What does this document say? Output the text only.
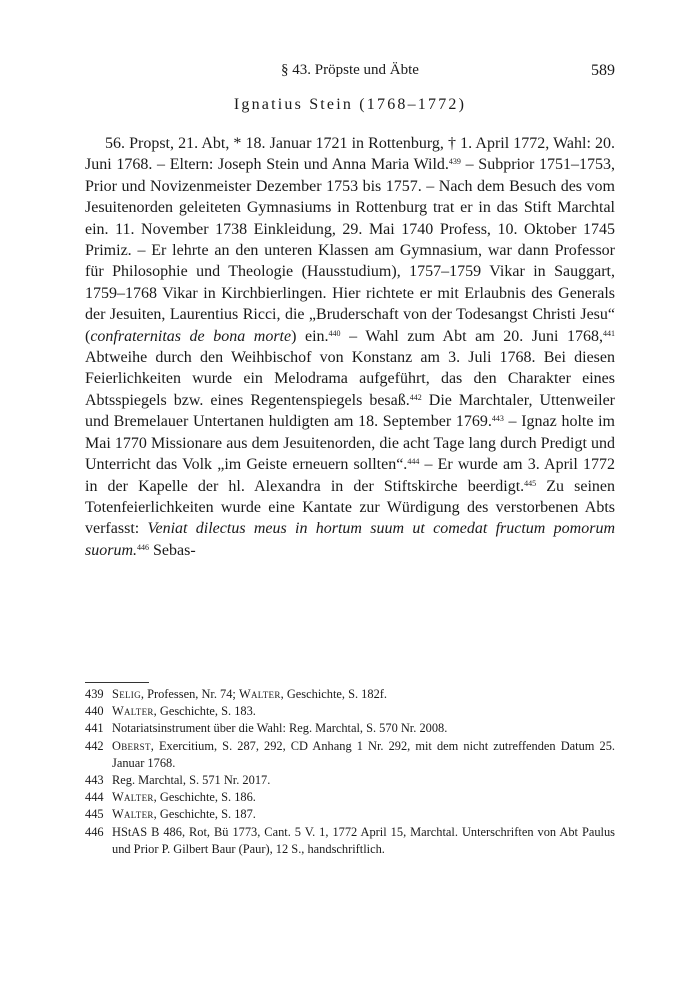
§ 43. Pröpste und Äbte	589
Ignatius Stein (1768–1772)

56. Propst, 21. Abt, * 18. Januar 1721 in Rottenburg, † 1. April 1772, Wahl: 20. Juni 1768. – Eltern: Joseph Stein und Anna Maria Wild.$^{439}$ – Subprior 1751–1753, Prior und Novizenmeister Dezember 1753 bis 1757. – Nach dem Besuch des vom Jesuitenorden geleiteten Gymnasiums in Rottenburg trat er in das Stift Marchtal ein. 11. November 1738 Einkleidung, 29. Mai 1740 Profess, 10. Oktober 1745 Primiz. – Er lehrte an den unteren Klassen am Gymnasium, war dann Professor für Philosophie und Theologie (Hausstudium), 1757–1759 Vikar in Sauggart, 1759–1768 Vikar in Kirchbierlingen. Hier richtete er mit Erlaubnis des Generals der Jesuiten, Laurentius Ricci, die „Bruderschaft von der Todesangst Christi Jesu“ (confraternitas de bona morte) ein.$^{440}$ – Wahl zum Abt am 20. Juni 1768,$^{441}$ Abtweihe durch den Weihbischof von Konstanz am 3. Juli 1768. Bei diesen Feierlichkeiten wurde ein Melodrama aufgeführt, das den Charakter eines Abtsspiegels bzw. eines Regentenspiegels besaß.$^{442}$ Die Marchtaler, Uttenweiler und Bremelauer Untertanen huldigten am 18. September 1769.$^{443}$ – Ignaz holte im Mai 1770 Missionare aus dem Jesuitenorden, die acht Tage lang durch Predigt und Unterricht das Volk „im Geiste erneuern sollten“.$^{444}$ – Er wurde am 3. April 1772 in der Kapelle der hl. Alexandra in der Stiftskirche beerdigt.$^{445}$ Zu seinen Totenfeierlichkeiten wurde eine Kantate zur Würdigung des verstorbenen Abts verfasst: Veniat dilectus meus in hortum suum ut comedat fructum pomorum suorum.$^{446}$ Sebas-

439 Selig, Professen, Nr. 74; Walter, Geschichte, S. 182f.
440 Walter, Geschichte, S. 183.
441 Notariatsinstrument über die Wahl: Reg. Marchtal, S. 570 Nr. 2008.
442 Oberst, Exercitium, S. 287, 292, CD Anhang 1 Nr. 292, mit dem nicht zutreffenden Datum 25. Januar 1768.
443 Reg. Marchtal, S. 571 Nr. 2017.
444 Walter, Geschichte, S. 186.
445 Walter, Geschichte, S. 187.
446 HStAS B 486, Rot, Bü 1773, Cant. 5 V. 1, 1772 April 15, Marchtal. Unterschriften von Abt Paulus und Prior P. Gilbert Baur (Paur), 12 S., handschriftlich.
